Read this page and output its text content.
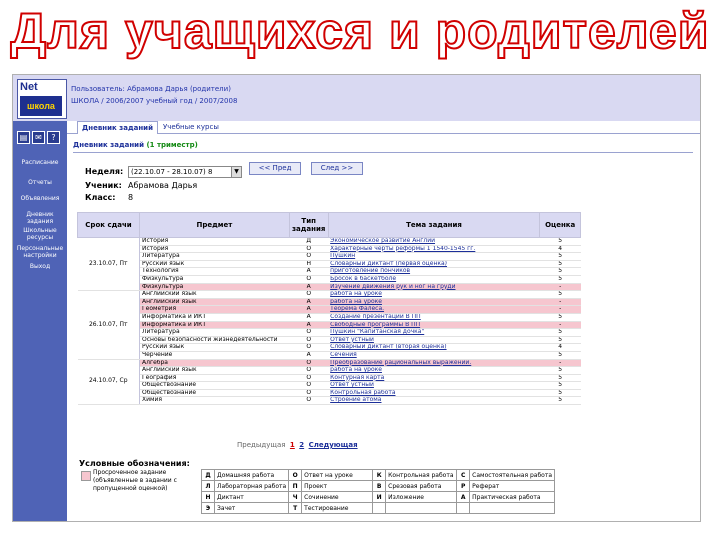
Для учащихся и родителей
Net
школа
Пользователь: Абрамова Дарья (родители)
ШКОЛА / 2006/2007 учебный год / 2007/2008
▤ ✉ ?
Расписание
Отчеты
Объявления
Дневник задания
Школьные ресурсы
Персональные настройки
Выход
Дневник заданий	Учебные курсы
Дневник заданий (1 триместр)
Неделя:	(22.10.07 - 28.10.07) 8	▼	<< Пред	След >>
Ученик: Абрамова Дарья
Класс: 8
Срок сдачи	Предмет	Тип задания	Тема задания	Оценка
23.10.07, Пт	История	Д	Экономическое развитие Англии	5
	История	О	Характерные черты реформы 1 1540-1545 гг.	4
	Литература	О	Пушкин	5
	Русский язык	Н	Словарный диктант (первая оценка)	5
	Технология	А	приготовление пончиков	5
	Физкультура	О	Бросок в баскетболе	5
	Физкультура	А	Изучение движения рук и ног на груди	-
26.10.07, Пт	Английский язык	О	работа на уроке	5
	Английский язык	А	работа на уроке	-
	Геометрия	А	Теорема Фалеса.	-
	Информатика и ИКТ	А	Создание презентации В ПП	5
	Информатика и ИКТ	А	Свободные программы В ПП	-
	Литература	О	Пушкин "Капитанская дочка"	5
	Основы безопасности жизнедеятельности	О	Ответ устный	5
	Русский язык	О	Словарный диктант (вторая оценка)	4
	Черчение	А	Сечения	5
24.10.07, Ср	Алгебра	О	Преобразование рациональных выражений.	-
	Английский язык	О	работа на уроке	5
	География	О	Контурная карта	5
	Обществознание	О	Ответ устный	5
	Обществознание	О	Контрольная работа	5
	Химия	О	Строение атома	5
Предыдущая 1 2 Следующая
Условные обозначения:
Просроченное задание (объявленные в задании с пропущенной оценкой)
Д	Домашняя работа	О	Ответ на уроке	К	Контрольная работа	С	Самостоятельная работа
Л	Лабораторная работа	П	Проект	В	Срезовая работа	Р	Реферат
Н	Диктант	Ч	Сочинение	И	Изложение	А	Практическая работа
Э	Зачет	Т	Тестирование				
